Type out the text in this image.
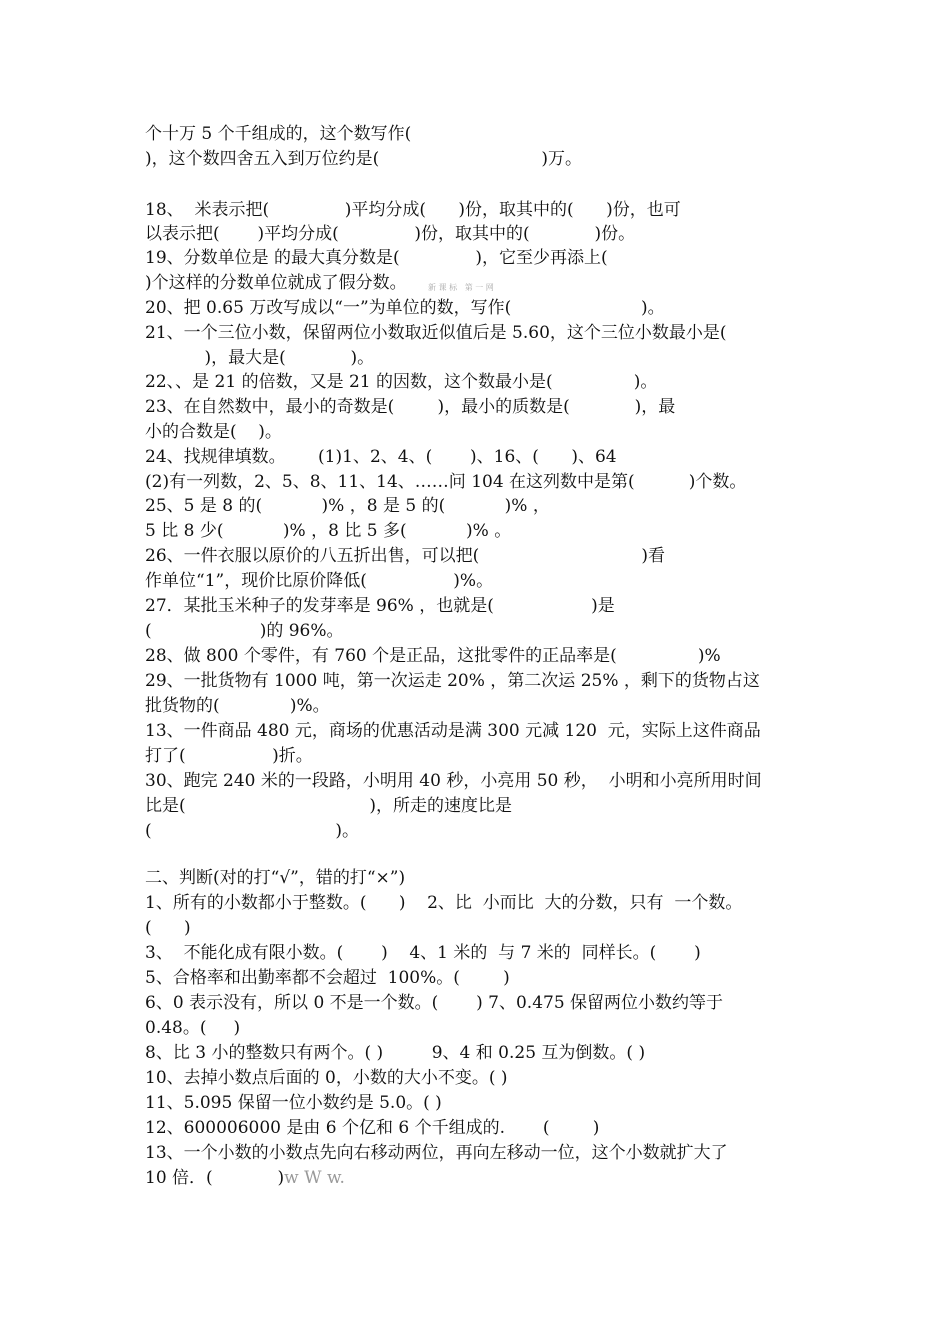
个十万 5 个千组成的，这个数写作(
)，这个数四舍五入到万位约是(                              )万。
18、  米表示把(              )平均分成(      )份，取其中的(      )份，也可
以表示把(       )平均分成(              )份，取其中的(            )份。
19、分数单位是 的最大真分数是(              )，它至少再添上(
)个这样的分数单位就成了假分数。	新 课 标   第 一 网
20、把 0.65 万改写成以“一”为单位的数，写作(                        )。
21、一个三位小数，保留两位小数取近似值后是 5.60，这个三位小数最小是(
)，最大是(            )。
22、、是 21 的倍数，又是 21 的因数，这个数最小是(               )。
23、在自然数中，最小的奇数是(        )，最小的质数是(            )，最
小的合数是(    )。
24、找规律填数。      (1)1、2、4、(       )、16、(      )、64
(2)有一列数，2、5、8、11、14、……问 104 在这列数中是第(          )个数。
25、5 是 8 的(           )% ，8 是 5 的(           )% ，
5 比 8 少(           )% ，8 比 5 多(           )% 。
26、一件衣服以原价的八五折出售，可以把(                              )看
作单位“1”，现价比原价降低(                )%。
27．某批玉米种子的发芽率是 96% ，也就是(                  )是
(                    )的 96%。
28、做 800 个零件，有 760 个是正品，这批零件的正品率是(               )%
29、一批货物有 1000 吨，第一次运走 20% ，第二次运 25% ，剩下的货物占这
批货物的(             )%。
13、一件商品 480 元，商场的优惠活动是满 300 元减 120  元，实际上这件商品
打了(                )折。
30、跑完 240 米的一段路，小明用 40 秒，小亮用 50 秒，  小明和小亮所用时间
比是(                                  )，所走的速度比是
(                                  )。
二、判断(对的打“√”，错的打“×”)
1、所有的小数都小于整数。(      )    2、比  小而比  大的分数，只有  一个数。
(      )
3、  不能化成有限小数。(       )    4、1 米的  与 7 米的  同样长。(       )
5、合格率和出勤率都不会超过  100%。(        )
6、0 表示没有，所以 0 不是一个数。(       ) 7、0.475 保留两位小数约等于
0.48。(     )
8、比 3 小的整数只有两个。( )         9、4 和 0.25 互为倒数。( )
10、去掉小数点后面的 0，小数的大小不变。( )
11、5.095 保留一位小数约是 5.0。( )
12、600006000 是由 6 个亿和 6 个千组成的.       (        )
13、一个小数的小数点先向右移动两位，再向左移动一位，这个小数就扩大了
10 倍．(            )w W w.
